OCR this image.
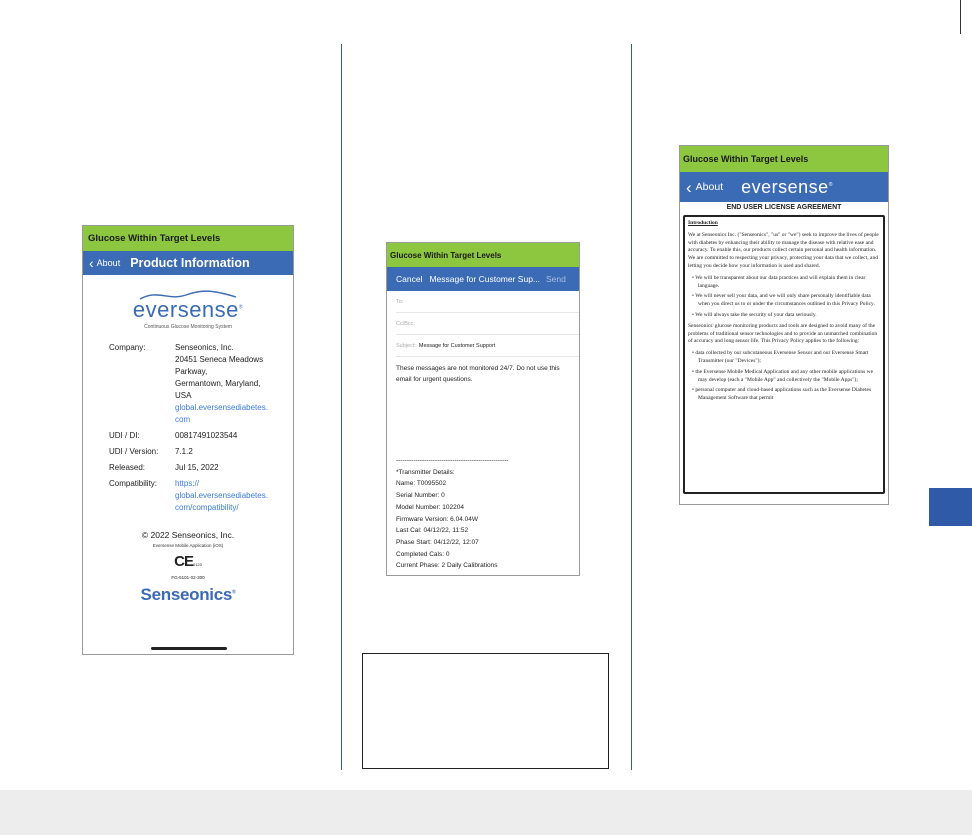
Glucose Within Target Levels
‹ About Product Information
eversense®
Continuous Glucose Monitoring System
Company:	Senseonics, Inc.
20451 Seneca Meadows
Parkway,
Germantown, Maryland,
USA
global.eversensediabetes.
com
UDI / DI:	00817491023544
UDI / Version:	7.1.2
Released:	Jul 15, 2022
Compatibility:	https://
global.eversensediabetes.
com/compatibility/
© 2022 Senseonics, Inc.
Eversense Mobile Application (iOS)
CE0123
FG-5101-02-300
Senseonics®
Glucose Within Target Levels
Cancel Message for Customer Sup... Send
To:
Cc/Bcc:
Subject: Message for Customer Support
These messages are not monitored 24/7. Do not use this email for urgent questions.
----------------------------------------------------
*Transmitter Details:
Name: T0095502
Serial Number: 0
Model Number: 102204
Firmware Version: 6.04.04W
Last Cal: 04/12/22, 11:52
Phase Start: 04/12/22, 12:07
Completed Cals: 0
Current Phase: 2 Daily Calibrations
Glucose Within Target Levels
‹ About eversense®
END USER LICENSE AGREEMENT

Introduction

We at Senseonics Inc. ("Senseonics", "us" or "we") seek to improve the lives of people with diabetes by enhancing their ability to manage the disease with relative ease and accuracy. To enable this, our products collect certain personal and health information. We are committed to respecting your privacy, protecting your data that we collect, and letting you decide how your information is used and shared.

• We will be transparent about our data practices and will explain them in clear language.
• We will never sell your data, and we will only share personally identifiable data when you direct us to or under the circumstances outlined in this Privacy Policy.
• We will always take the security of your data seriously.

Senseonics' glucose monitoring products and tools are designed to avoid many of the problems of traditional sensor technologies and to provide an unmatched combination of accuracy and long sensor life. This Privacy Policy applies to the following:

• data collected by our subcutaneous Eversense Sensor and our Eversense Smart Transmitter (our "Devices");
• the Eversense Mobile Medical Application and any other mobile applications we may develop (each a "Mobile App" and collectively the "Mobile Apps");
• personal computer and cloud-based applications such as the Eversense Diabetes Management Software that permit
